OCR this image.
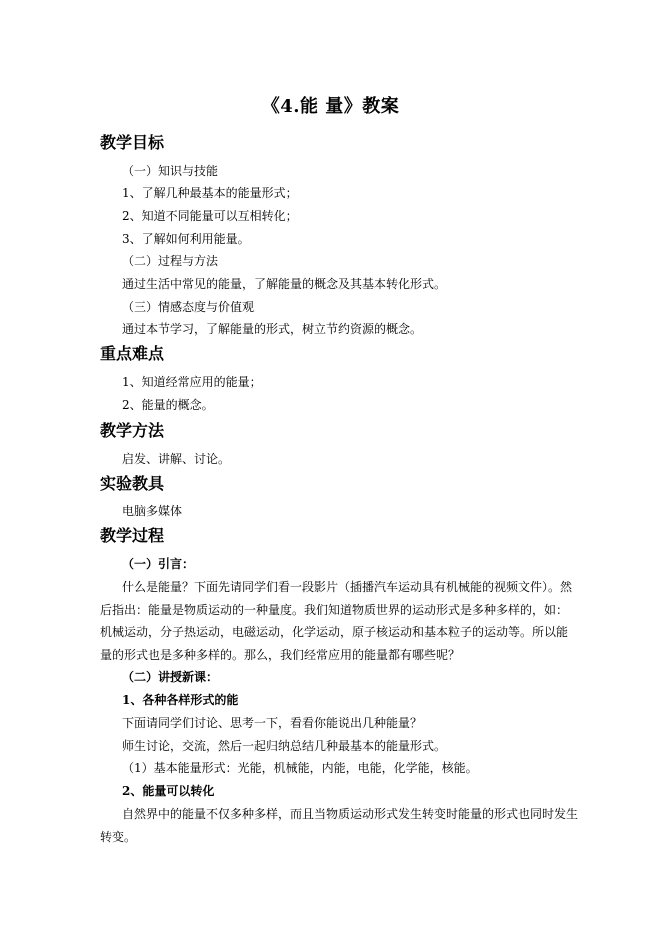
《4.能 量》教案
教学目标
（一）知识与技能
1、了解几种最基本的能量形式；
2、知道不同能量可以互相转化；
3、了解如何利用能量。
（二）过程与方法
通过生活中常见的能量，了解能量的概念及其基本转化形式。
（三）情感态度与价值观
通过本节学习，了解能量的形式，树立节约资源的概念。
重点难点
1、知道经常应用的能量；
2、能量的概念。
教学方法
启发、讲解、讨论。
实验教具
电脑多媒体
教学过程
（一）引言：
什么是能量？下面先请同学们看一段影片（插播汽车运动具有机械能的视频文件）。然
后指出：能量是物质运动的一种量度。我们知道物质世界的运动形式是多种多样的，如：
机械运动，分子热运动，电磁运动，化学运动，原子核运动和基本粒子的运动等。所以能
量的形式也是多种多样的。那么，我们经常应用的能量都有哪些呢？
（二）讲授新课：
1、各种各样形式的能
下面请同学们讨论、思考一下，看看你能说出几种能量？
师生讨论，交流，然后一起归纳总结几种最基本的能量形式。
（1）基本能量形式：光能，机械能，内能，电能，化学能，核能。
2、能量可以转化
自然界中的能量不仅多种多样，而且当物质运动形式发生转变时能量的形式也同时发生
转变。
